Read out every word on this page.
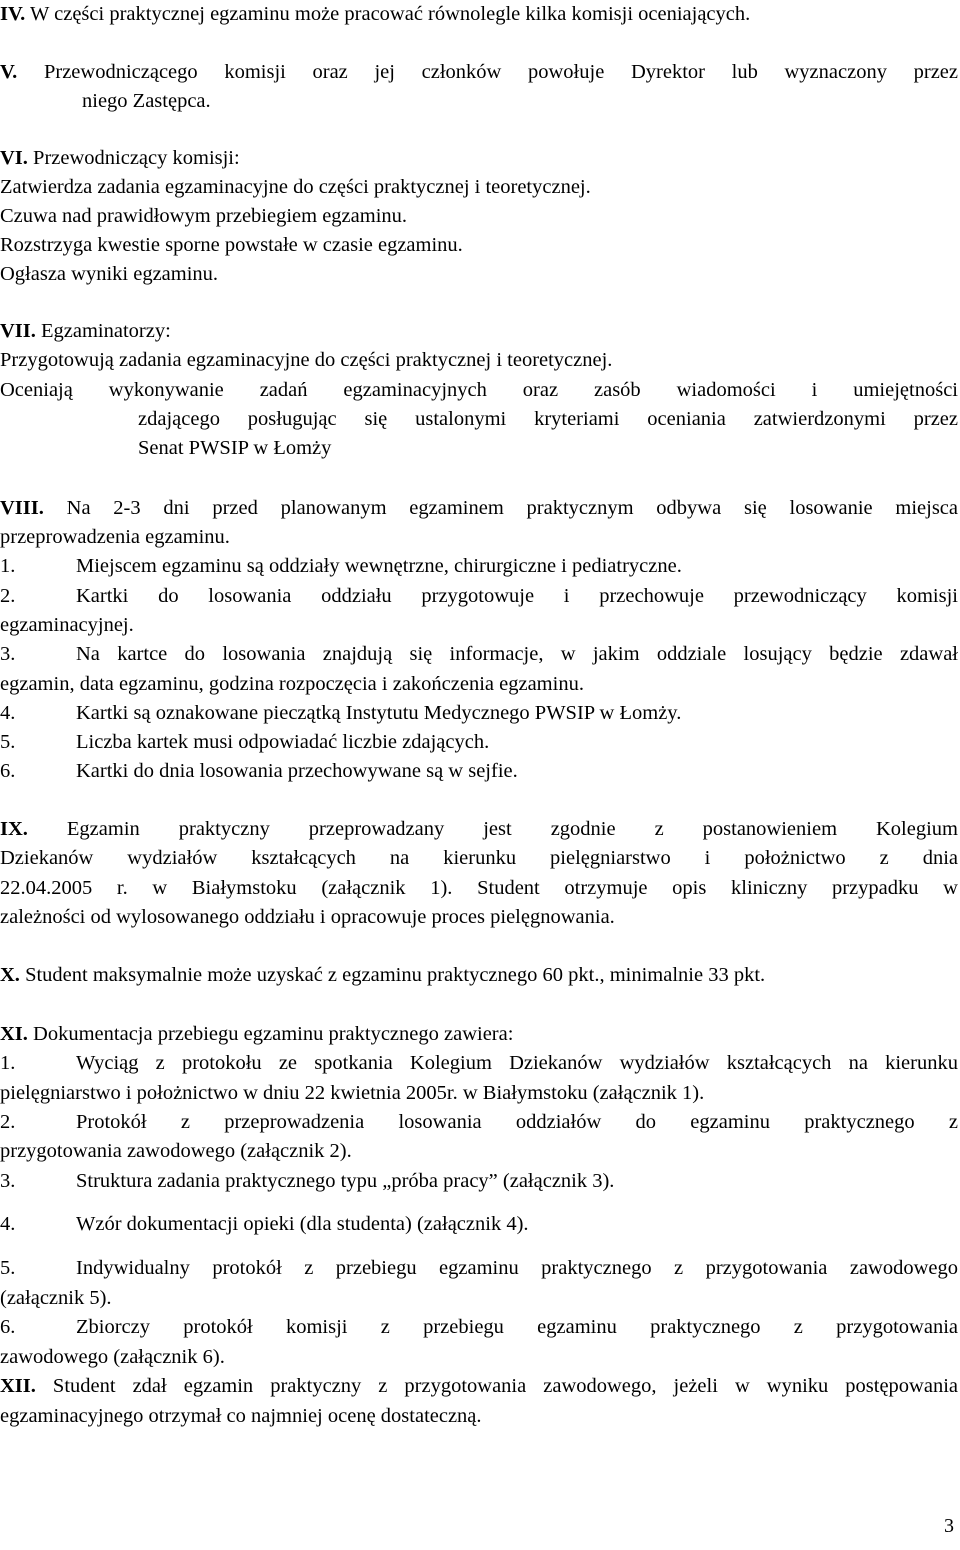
IV. W części praktycznej egzaminu może pracować równolegle kilka komisji oceniających.
V. Przewodniczącego komisji oraz jej członków powołuje Dyrektor lub wyznaczony przez
niego Zastępca.
VI. Przewodniczący komisji:
Zatwierdza zadania egzaminacyjne do części praktycznej i teoretycznej.
Czuwa nad prawidłowym przebiegiem egzaminu.
Rozstrzyga kwestie sporne powstałe w czasie egzaminu.
Ogłasza wyniki egzaminu.
VII. Egzaminatorzy:
Przygotowują zadania egzaminacyjne do części praktycznej i teoretycznej.
Oceniają wykonywanie zadań egzaminacyjnych oraz zasób wiadomości i umiejętności
zdającego posługując się ustalonymi kryteriami oceniania zatwierdzonymi przez
Senat PWSIP w Łomży
VIII. Na 2-3 dni przed planowanym egzaminem praktycznym odbywa się losowanie miejsca
przeprowadzenia egzaminu.
1.	Miejscem egzaminu są oddziały wewnętrzne, chirurgiczne i pediatryczne.
2.	Kartki do losowania oddziału przygotowuje i przechowuje przewodniczący komisji
egzaminacyjnej.
3.	Na kartce do losowania znajdują się informacje, w jakim oddziale losujący będzie zdawał
egzamin, data egzaminu, godzina rozpoczęcia i zakończenia egzaminu.
4.	Kartki są oznakowane pieczątką Instytutu Medycznego PWSIP w Łomży.
5.	Liczba kartek musi odpowiadać liczbie zdających.
6.	Kartki do dnia losowania przechowywane są w sejfie.
IX. Egzamin praktyczny przeprowadzany jest zgodnie z postanowieniem Kolegium
Dziekanów wydziałów kształcących na kierunku pielęgniarstwo i położnictwo z dnia
22.04.2005 r. w Białymstoku (załącznik 1). Student otrzymuje opis kliniczny przypadku w
zależności od wylosowanego oddziału i opracowuje proces pielęgnowania.
X. Student maksymalnie może uzyskać z egzaminu praktycznego 60 pkt., minimalnie 33 pkt.
XI. Dokumentacja przebiegu egzaminu praktycznego zawiera:
1.	Wyciąg z protokołu ze spotkania Kolegium Dziekanów wydziałów kształcących na kierunku
pielęgniarstwo i położnictwo w dniu 22 kwietnia 2005r. w Białymstoku (załącznik 1).
2.	Protokół z przeprowadzenia losowania oddziałów do egzaminu praktycznego z
przygotowania zawodowego (załącznik 2).
3.	Struktura zadania praktycznego typu „próba pracy” (załącznik 3).
4.	Wzór dokumentacji opieki (dla studenta) (załącznik 4).
5.	Indywidualny protokół z przebiegu egzaminu praktycznego z przygotowania zawodowego
(załącznik 5).
6.	Zbiorczy protokół komisji z przebiegu egzaminu praktycznego z przygotowania
zawodowego (załącznik 6).
XII. Student zdał egzamin praktyczny z przygotowania zawodowego, jeżeli w wyniku postępowania
egzaminacyjnego otrzymał co najmniej ocenę dostateczną.
3
